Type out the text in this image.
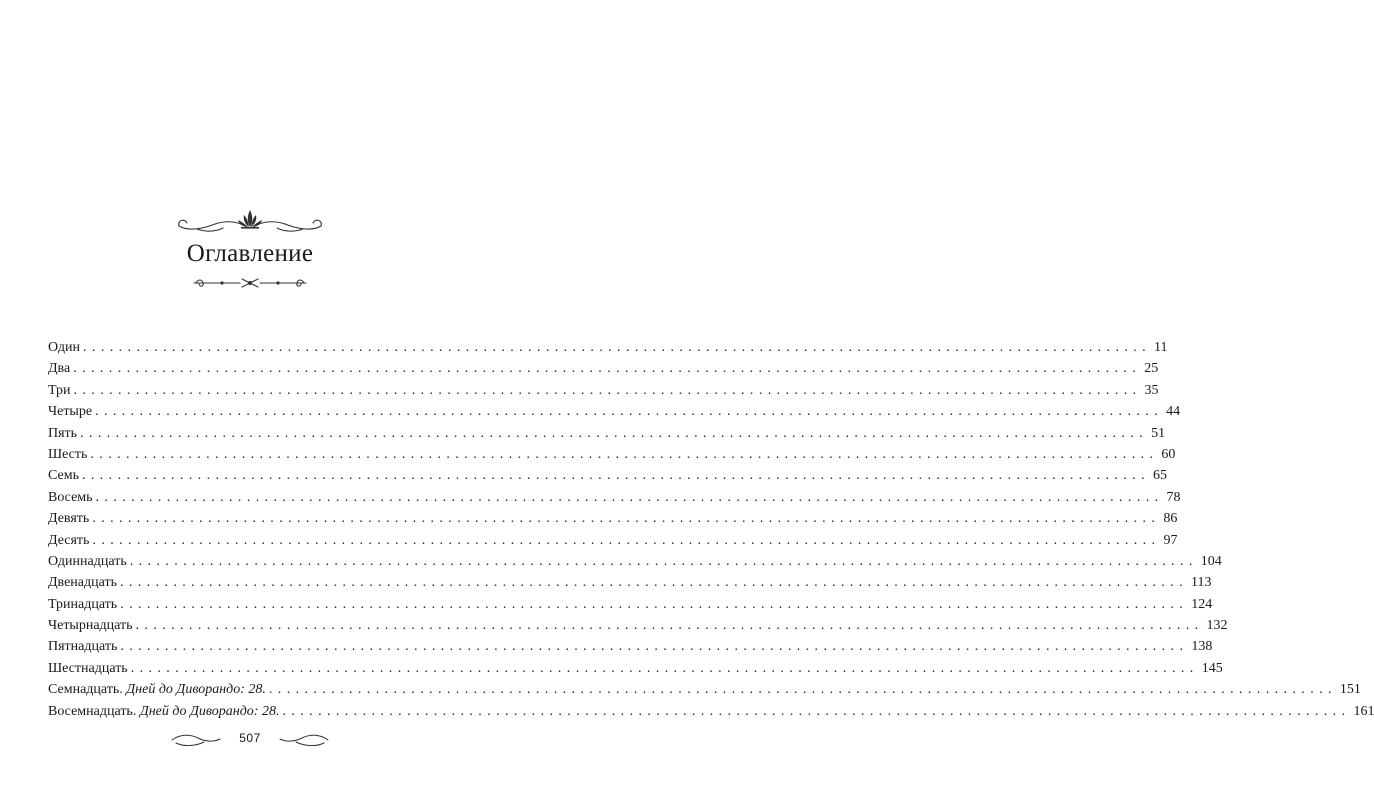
Оглавление
Один ........................................................................................................................ 11
Два ........................................................................................................................ 25
Три ........................................................................................................................ 35
Четыре ........................................................................................................................ 44
Пять ........................................................................................................................ 51
Шесть ........................................................................................................................ 60
Семь ........................................................................................................................ 65
Восемь ........................................................................................................................ 78
Девять ........................................................................................................................ 86
Десять ........................................................................................................................ 97
Одиннадцать ........................................................................................................................ 104
Двенадцать ........................................................................................................................ 113
Тринадцать ........................................................................................................................ 124
Четырнадцать ........................................................................................................................ 132
Пятнадцать ........................................................................................................................ 138
Шестнадцать ........................................................................................................................ 145
Семнадцать. Дней до Диворандо: 28. ........................................................................................................................ 151
Восемнадцать. Дней до Диворандо: 28. ........................................................................................................................ 161
507
